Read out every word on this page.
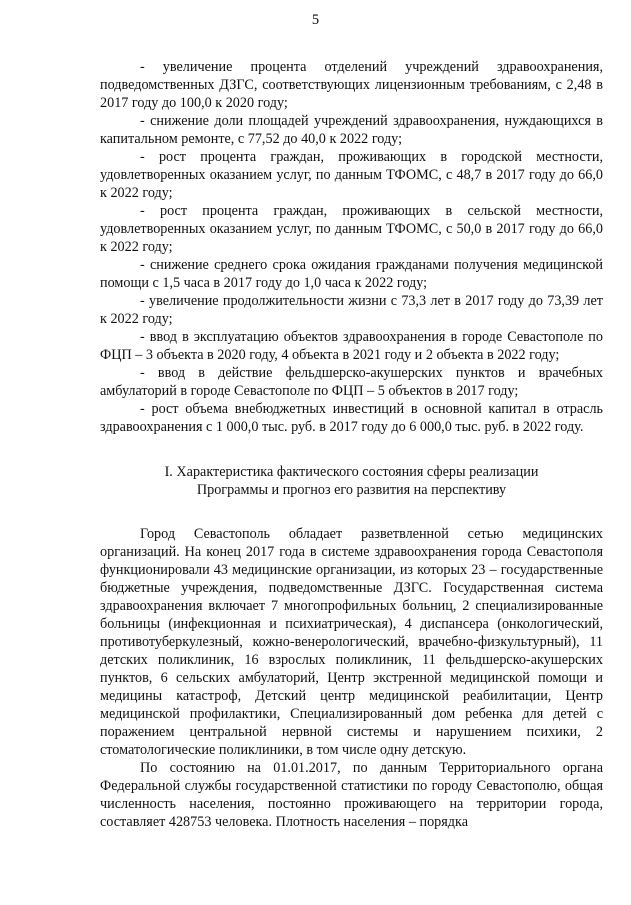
5

- увеличение процента отделений учреждений здравоохранения, подведомственных ДЗГС, соответствующих лицензионным требованиям, с 2,48 в 2017 году до 100,0 к 2020 году;

- снижение доли площадей учреждений здравоохранения, нуждающихся в капитальном ремонте, с 77,52 до 40,0 к 2022 году;

- рост процента граждан, проживающих в городской местности, удовлетворенных оказанием услуг, по данным ТФОМС, с 48,7 в 2017 году до 66,0 к 2022 году;

- рост процента граждан, проживающих в сельской местности, удовлетворенных оказанием услуг, по данным ТФОМС, с 50,0 в 2017 году до 66,0 к 2022 году;

- снижение среднего срока ожидания гражданами получения медицинской помощи с 1,5 часа в 2017 году до 1,0 часа к 2022 году;

- увеличение продолжительности жизни с 73,3 лет в 2017 году до 73,39 лет к 2022 году;

- ввод в эксплуатацию объектов здравоохранения в городе Севастополе по ФЦП – 3 объекта в 2020 году, 4 объекта в 2021 году и 2 объекта в 2022 году;

- ввод в действие фельдшерско-акушерских пунктов и врачебных амбулаторий в городе Севастополе по ФЦП – 5 объектов в 2017 году;

- рост объема внебюджетных инвестиций в основной капитал в отрасль здравоохранения с 1 000,0 тыс. руб. в 2017 году до 6 000,0 тыс. руб. в 2022 году.

I. Характеристика фактического состояния сферы реализации
Программы и прогноз его развития на перспективу

Город Севастополь обладает разветвленной сетью медицинских организаций. На конец 2017 года в системе здравоохранения города Севастополя функционировали 43 медицинские организации, из которых 23 – государственные бюджетные учреждения, подведомственные ДЗГС. Государственная система здравоохранения включает 7 многопрофильных больниц, 2 специализированные больницы (инфекционная и психиатрическая), 4 диспансера (онкологический, противотуберкулезный, кожно-венерологический, врачебно-физкультурный), 11 детских поликлиник, 16 взрослых поликлиник, 11 фельдшерско-акушерских пунктов, 6 сельских амбулаторий, Центр экстренной медицинской помощи и медицины катастроф, Детский центр медицинской реабилитации, Центр медицинской профилактики, Специализированный дом ребенка для детей с поражением центральной нервной системы и нарушением психики, 2 стоматологические поликлиники, в том числе одну детскую.

По состоянию на 01.01.2017, по данным Территориального органа Федеральной службы государственной статистики по городу Севастополю, общая численность населения, постоянно проживающего на территории города, составляет 428753 человека. Плотность населения – порядка
